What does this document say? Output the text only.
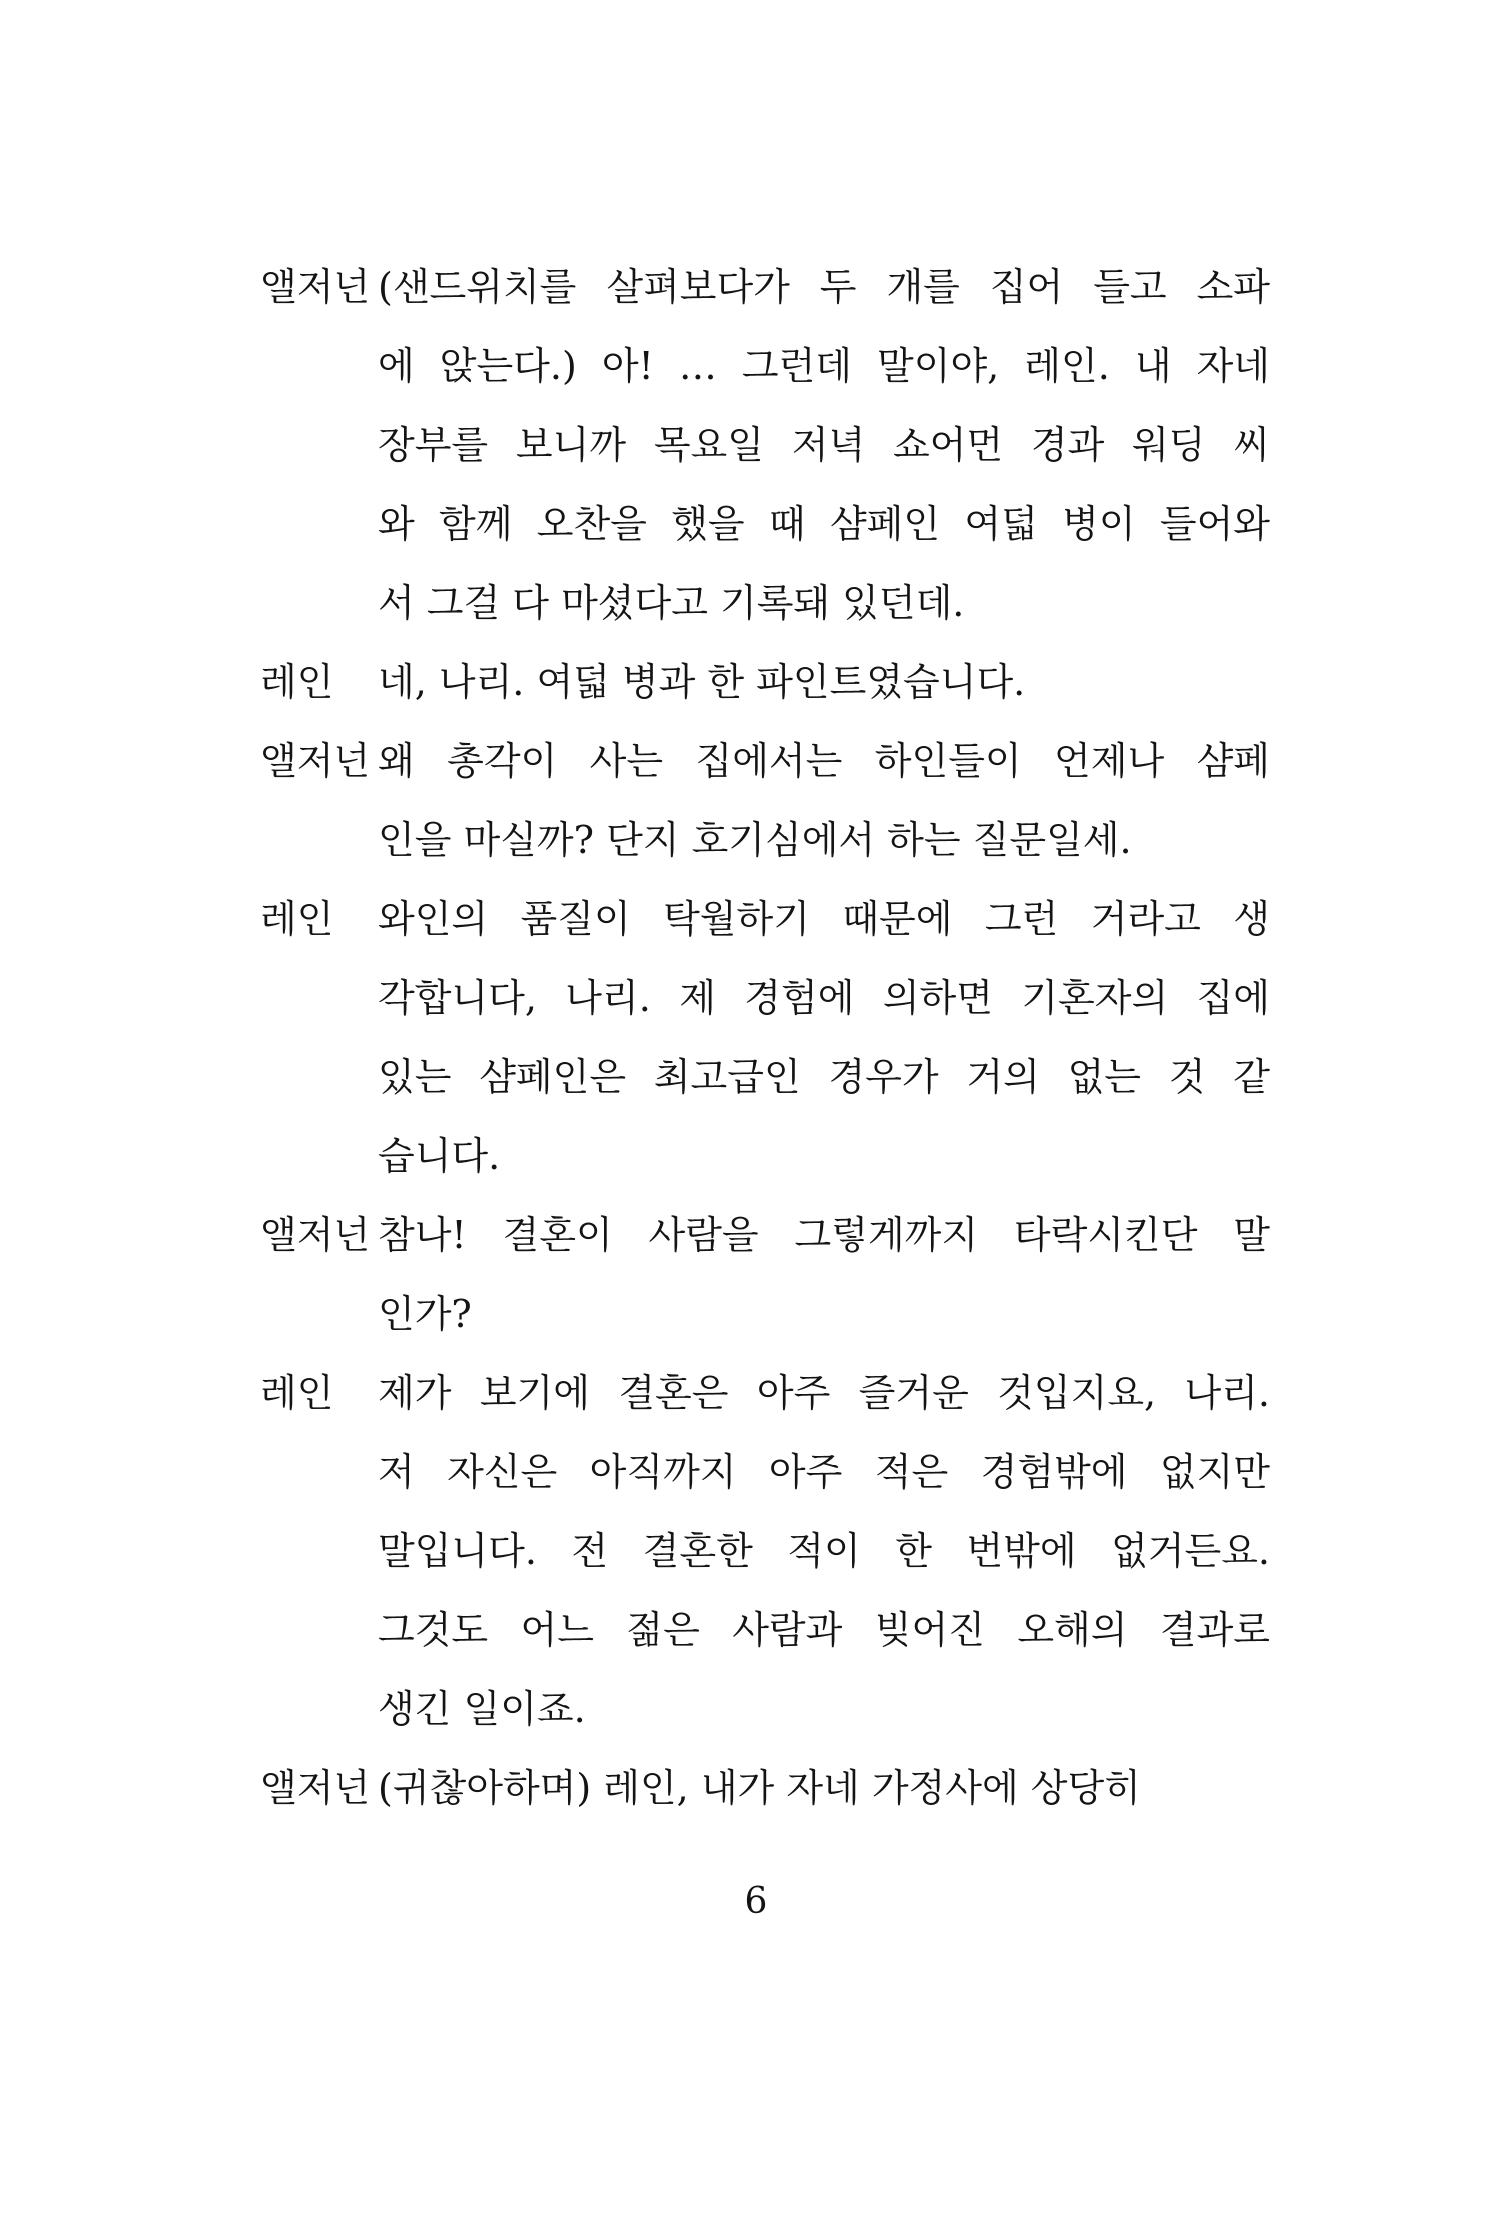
앨저넌 (샌드위치를 살펴보다가 두 개를 집어 들고 소파
에 앉는다.) 아! … 그런데 말이야, 레인. 내 자네
장부를 보니까 목요일 저녁 쇼어먼 경과 워딩 씨
와 함께 오찬을 했을 때 샴페인 여덟 병이 들어와
서 그걸 다 마셨다고 기록돼 있던데.
레인	네, 나리. 여덟 병과 한 파인트였습니다.
앨저넌 왜 총각이 사는 집에서는 하인들이 언제나 샴페
인을 마실까? 단지 호기심에서 하는 질문일세.
레인	와인의 품질이 탁월하기 때문에 그런 거라고 생
각합니다, 나리. 제 경험에 의하면 기혼자의 집에
있는 샴페인은 최고급인 경우가 거의 없는 것 같
습니다.
앨저넌 참나! 결혼이 사람을 그렇게까지 타락시킨단 말
인가?
레인	제가 보기에 결혼은 아주 즐거운 것입지요, 나리.
저 자신은 아직까지 아주 적은 경험밖에 없지만
말입니다. 전 결혼한 적이 한 번밖에 없거든요.
그것도 어느 젊은 사람과 빚어진 오해의 결과로
생긴 일이죠.
앨저넌 (귀찮아하며) 레인, 내가 자네 가정사에 상당히
6
